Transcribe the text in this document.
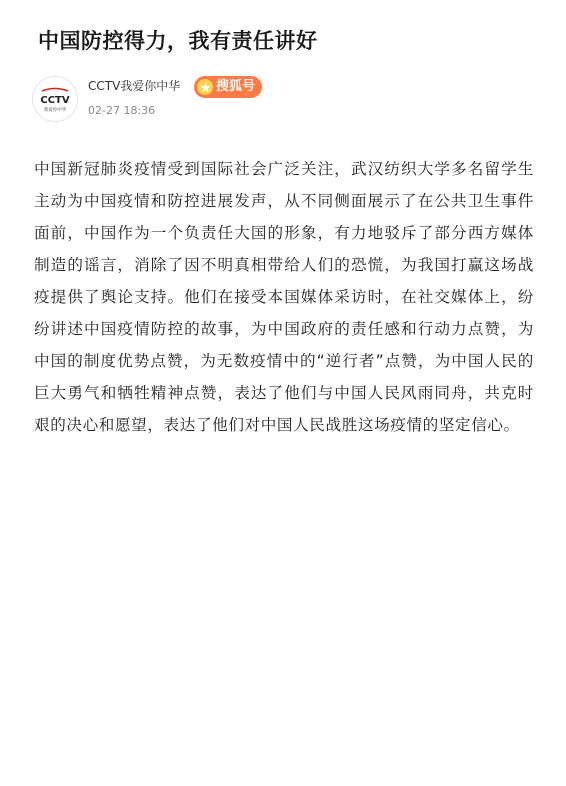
中国防控得力，我有责任讲好
CCTV
我爱你中华
CCTV我爱你中华	搜狐号
02-27 18:36

中国新冠肺炎疫情受到国际社会广泛关注，武汉纺织大学多名留学生主动为中国疫情和防控进展发声，从不同侧面展示了在公共卫生事件面前，中国作为一个负责任大国的形象，有力地驳斥了部分西方媒体制造的谣言，消除了因不明真相带给人们的恐慌，为我国打赢这场战疫提供了舆论支持。他们在接受本国媒体采访时，在社交媒体上，纷纷讲述中国疫情防控的故事，为中国政府的责任感和行动力点赞，为中国的制度优势点赞，为无数疫情中的“逆行者”点赞，为中国人民的巨大勇气和牺牲精神点赞，表达了他们与中国人民风雨同舟，共克时艰的决心和愿望，表达了他们对中国人民战胜这场疫情的坚定信心。
